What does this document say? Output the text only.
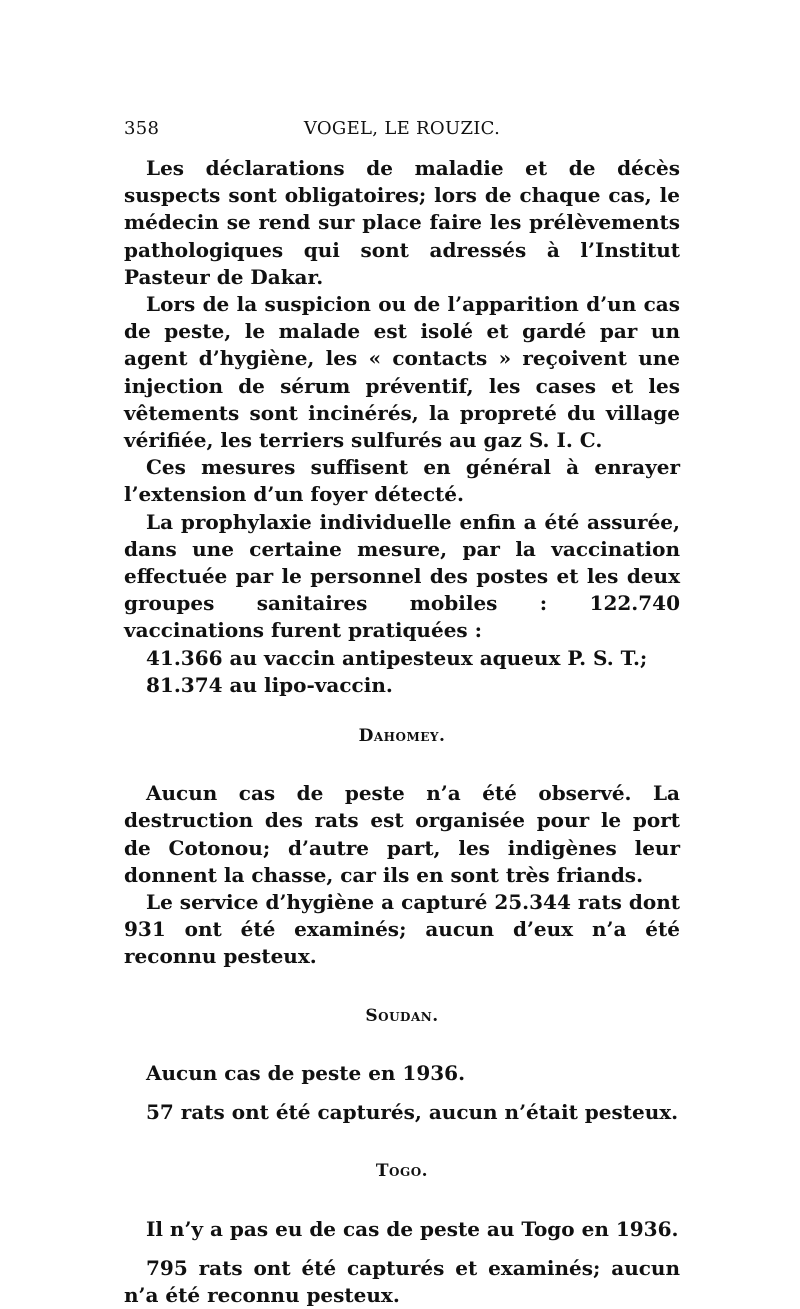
358	VOGEL, LE ROUZIC.

Les déclarations de maladie et de décès suspects sont obligatoires; lors de chaque cas, le médecin se rend sur place faire les prélèvements pathologiques qui sont adressés à l’Institut Pasteur de Dakar.

Lors de la suspicion ou de l’apparition d’un cas de peste, le malade est isolé et gardé par un agent d’hygiène, les « contacts » reçoivent une injection de sérum préventif, les cases et les vêtements sont incinérés, la propreté du village vérifiée, les terriers sulfurés au gaz S. I. C.

Ces mesures suffisent en général à enrayer l’extension d’un foyer détecté.

La prophylaxie individuelle enfin a été assurée, dans une certaine mesure, par la vaccination effectuée par le personnel des postes et les deux groupes sanitaires mobiles : 122.740 vaccinations furent pratiquées :

41.366 au vaccin antipesteux aqueux P. S. T.;

81.374 au lipo-vaccin.

Dahomey.

Aucun cas de peste n’a été observé. La destruction des rats est organisée pour le port de Cotonou; d’autre part, les indigènes leur donnent la chasse, car ils en sont très friands.

Le service d’hygiène a capturé 25.344 rats dont 931 ont été examinés; aucun d’eux n’a été reconnu pesteux.

Soudan.

Aucun cas de peste en 1936.

57 rats ont été capturés, aucun n’était pesteux.

Togo.

Il n’y a pas eu de cas de peste au Togo en 1936.

795 rats ont été capturés et examinés; aucun n’a été reconnu pesteux.
